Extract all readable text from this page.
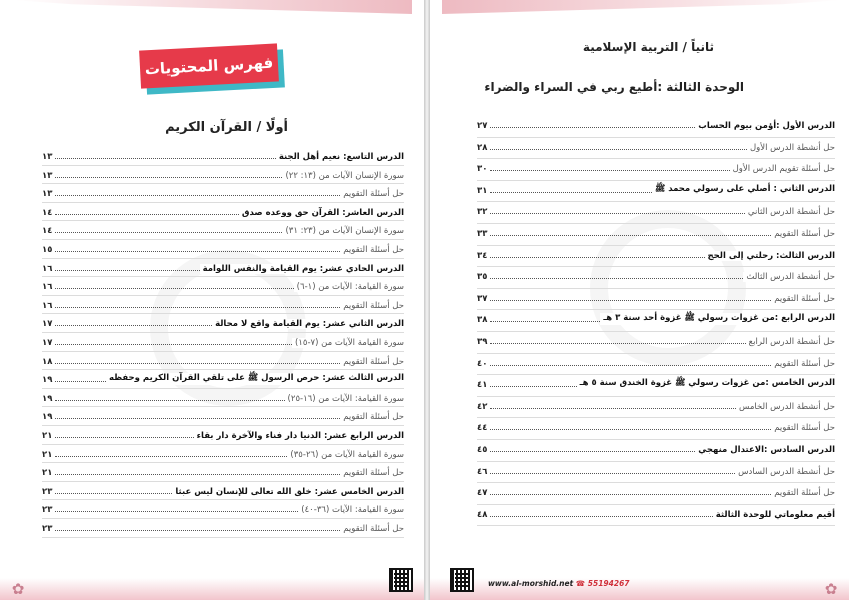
فهرس المحتويات
أولًا / القرآن الكريم
الدرس التاسع: نعيم أهل الجنة
١٣
سورة الإنسان الآيات من (١٣: ٢٢)
١٣
حل أسئلة التقويم
١٣
الدرس العاشر: القرآن حق ووعده صدق
١٤
سورة الإنسان الآيات من (٢٣: ٣١)
١٤
حل أسئلة التقويم
١٥
الدرس الحادي عشر: يوم القيامة والنفس اللوامة
١٦
سورة القيامة: الآيات من (١-٦)
١٦
حل أسئلة التقويم
١٦
الدرس الثاني عشر: يوم القيامة واقع لا محالة
١٧
سورة القيامة الآيات من (٧-١٥)
١٧
حل أسئلة التقويم
١٨
الدرس الثالث عشر: حرص الرسول ﷺ على تلقي القرآن الكريم وحفظه
١٩
سورة القيامة: الآيات من (١٦-٢٥)
١٩
حل أسئلة التقويم
١٩
الدرس الرابع عشر: الدنيا دار فناء والآخرة دار بقاء
٢١
سورة القيامة الآيات من (٢٦-٣٥)
٢١
حل أسئلة التقويم
٢١
الدرس الخامس عشر: خلق الله تعالى للإنسان ليس عبثا
٢٣
سورة القيامة: الآيات (٣٦-٤٠)
٢٣
حل أسئلة التقويم
٢٣
✿
ثانياً / التربية الإسلامية
الوحدة الثالثة :أطيع ربي في السراء والضراء
الدرس الأول :أؤمن بيوم الحساب
٢٧
حل أنشطة الدرس الأول
٢٨
حل أسئلة تقويم الدرس الأول
٣٠
الدرس الثاني : أصلي على رسولي محمد ﷺ
٣١
حل أنشطة الدرس الثاني
٣٢
حل أسئلة التقويم
٣٣
الدرس الثالث: رحلتي إلى الحج
٣٤
حل أنشطة الدرس الثالث
٣٥
حل أسئلة التقويم
٣٧
الدرس الرابع :من غزوات رسولي ﷺ غزوة أحد سنة ٣ هـ
٣٨
حل أنشطة الدرس الرابع
٣٩
حل أسئلة التقويم
٤٠
الدرس الخامس :من غزوات رسولي ﷺ غزوة الخندق سنة ٥ هـ
٤١
حل أنشطة الدرس الخامس
٤٢
حل أسئلة التقويم
٤٤
الدرس السادس :الاعتدال منهجي
٤٥
حل أنشطة الدرس السادس
٤٦
حل أسئلة التقويم
٤٧
أقيم معلوماتي للوحدة الثالثة
٤٨
✿
www.al-morshid.net ☎ 55194267
